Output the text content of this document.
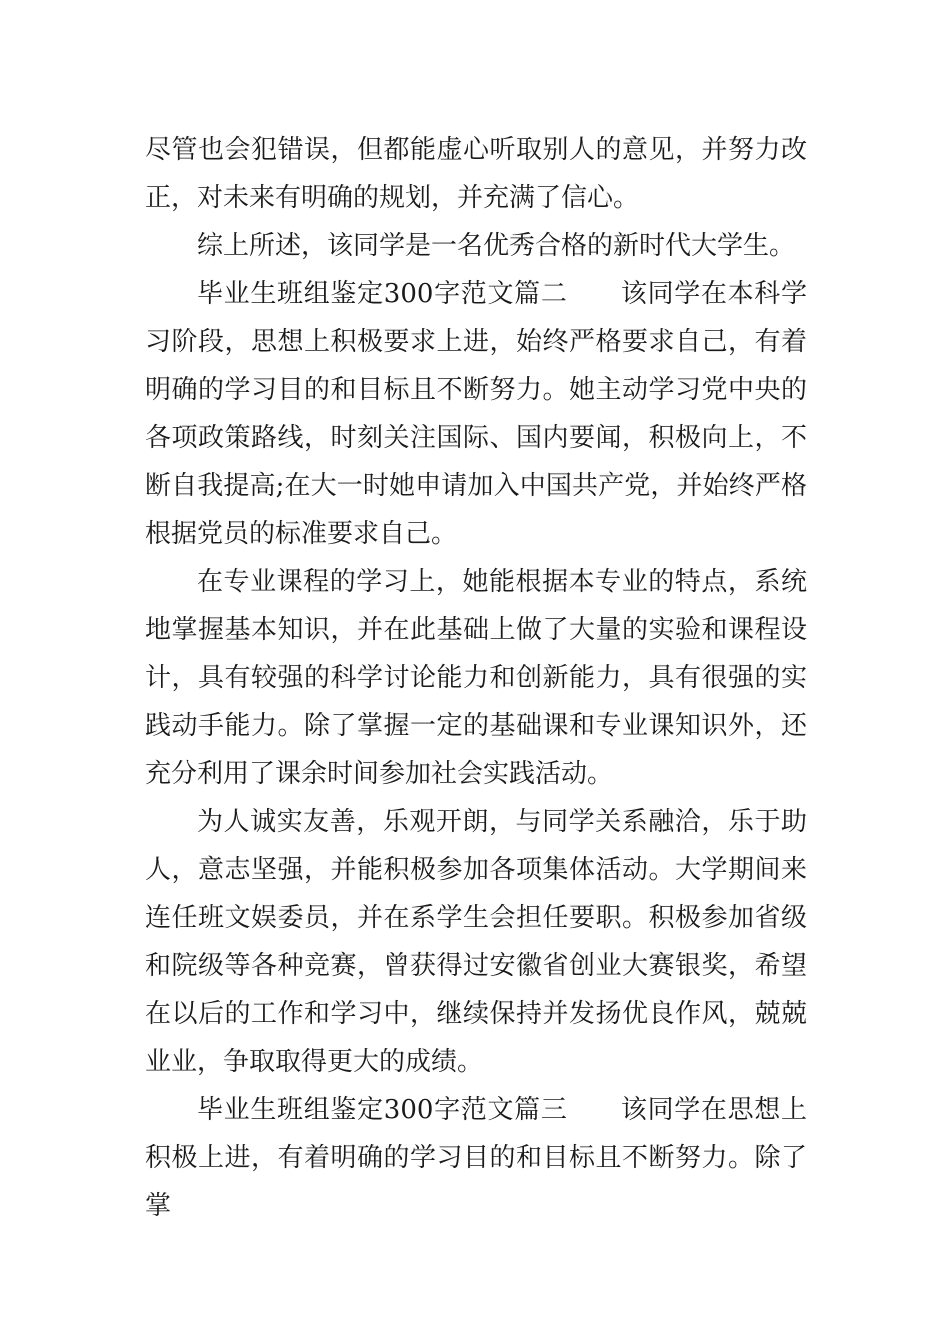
尽管也会犯错误，但都能虚心听取别人的意见，并努力改正，对未来有明确的规划，并充满了信心。

综上所述，该同学是一名优秀合格的新时代大学生。

毕业生班组鉴定300字范文篇二　　该同学在本科学习阶段，思想上积极要求上进，始终严格要求自己，有着明确的学习目的和目标且不断努力。她主动学习党中央的各项政策路线，时刻关注国际、国内要闻，积极向上，不断自我提高;在大一时她申请加入中国共产党，并始终严格根据党员的标准要求自己。

在专业课程的学习上，她能根据本专业的特点，系统地掌握基本知识，并在此基础上做了大量的实验和课程设计，具有较强的科学讨论能力和创新能力，具有很强的实践动手能力。除了掌握一定的基础课和专业课知识外，还充分利用了课余时间参加社会实践活动。

为人诚实友善，乐观开朗，与同学关系融洽，乐于助人，意志坚强，并能积极参加各项集体活动。大学期间来连任班文娱委员，并在系学生会担任要职。积极参加省级和院级等各种竞赛，曾获得过安徽省创业大赛银奖，希望在以后的工作和学习中，继续保持并发扬优良作风，兢兢业业，争取取得更大的成绩。

毕业生班组鉴定300字范文篇三　　该同学在思想上积极上进，有着明确的学习目的和目标且不断努力。除了掌
